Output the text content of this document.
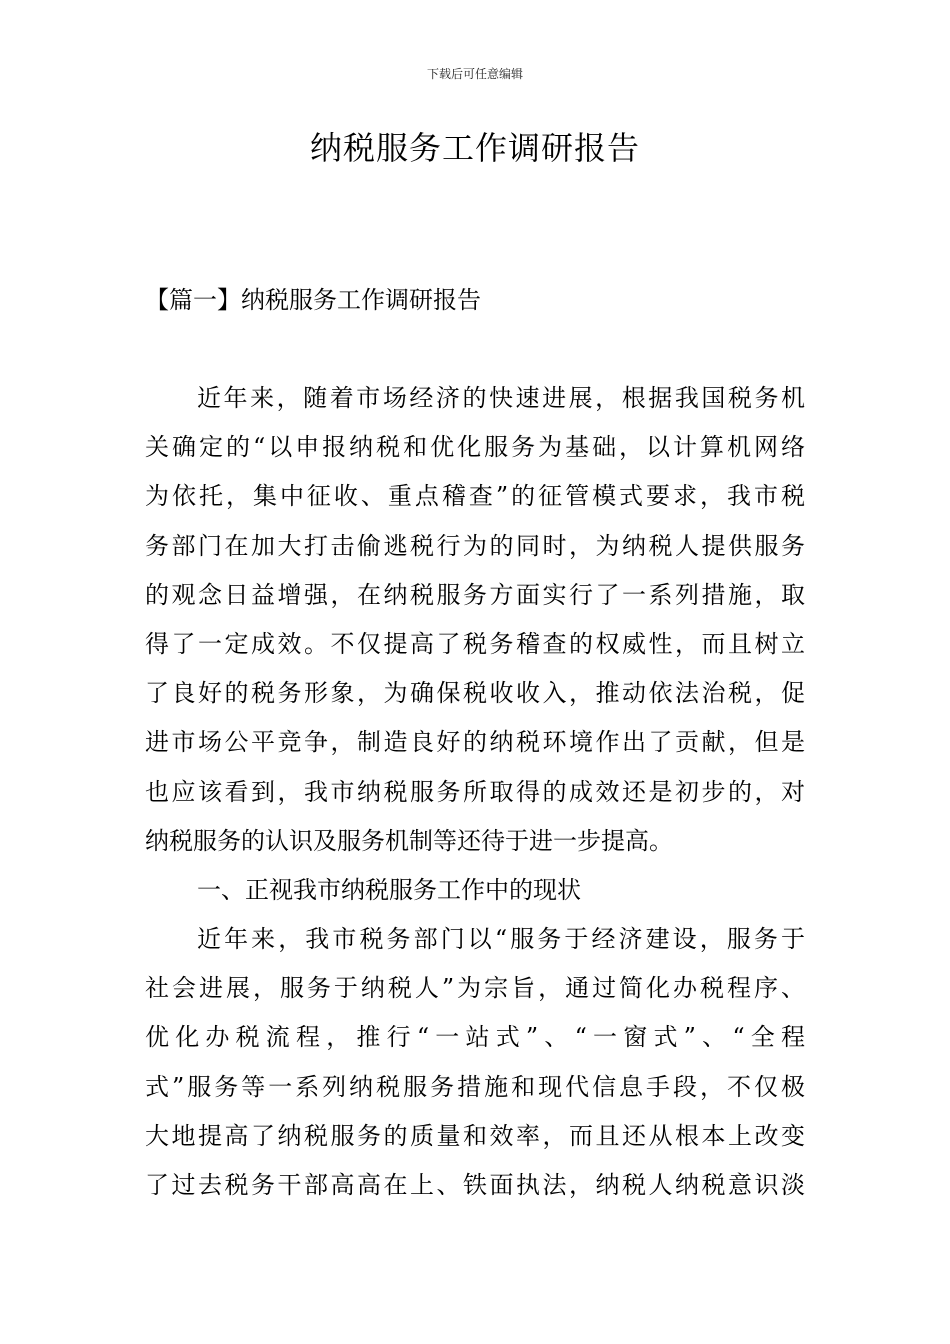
下载后可任意编辑
纳税服务工作调研报告
【篇一】纳税服务工作调研报告
近年来，随着市场经济的快速进展，根据我国税务机
关确定的“以申报纳税和优化服务为基础，以计算机网络
为依托，集中征收、重点稽查”的征管模式要求，我市税
务部门在加大打击偷逃税行为的同时，为纳税人提供服务
的观念日益增强，在纳税服务方面实行了一系列措施，取
得了一定成效。不仅提高了税务稽查的权威性，而且树立
了良好的税务形象，为确保税收收入，推动依法治税，促
进市场公平竞争，制造良好的纳税环境作出了贡献，但是
也应该看到，我市纳税服务所取得的成效还是初步的，对
纳税服务的认识及服务机制等还待于进一步提高。
一、正视我市纳税服务工作中的现状
近年来，我市税务部门以“服务于经济建设，服务于
社会进展，服务于纳税人”为宗旨，通过简化办税程序、
优化办税流程，推行“一站式”、“一窗式”、“全程
式”服务等一系列纳税服务措施和现代信息手段，不仅极
大地提高了纳税服务的质量和效率，而且还从根本上改变
了过去税务干部高高在上、铁面执法，纳税人纳税意识淡
